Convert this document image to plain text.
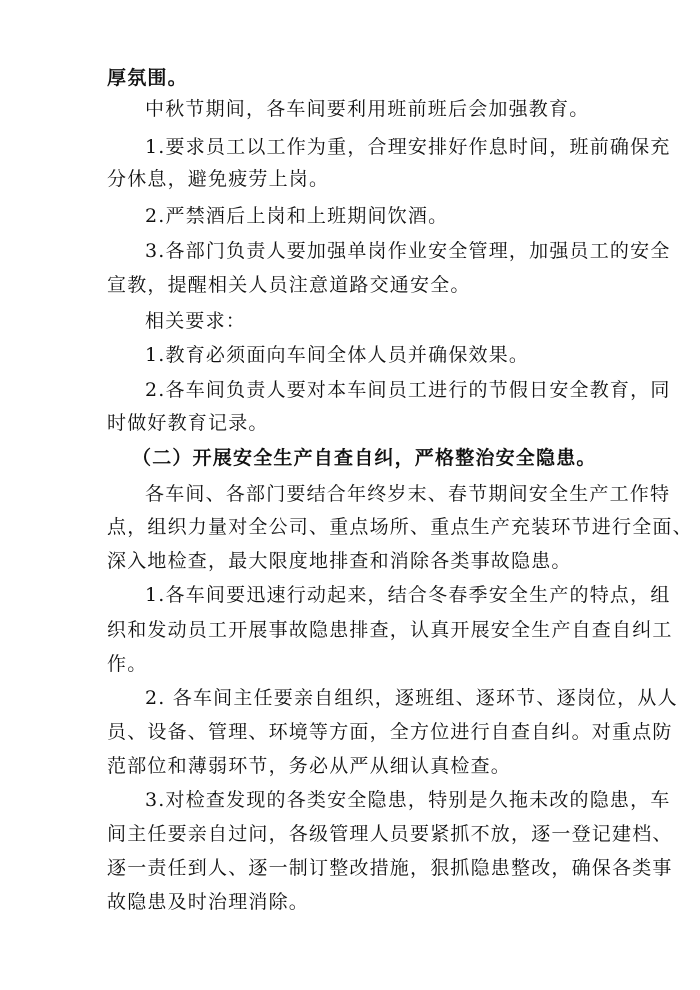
厚氛围。
中秋节期间，各车间要利用班前班后会加强教育。
1.要求员工以工作为重，合理安排好作息时间，班前确保充
分休息，避免疲劳上岗。
2.严禁酒后上岗和上班期间饮酒。
3.各部门负责人要加强单岗作业安全管理，加强员工的安全
宣教，提醒相关人员注意道路交通安全。
相关要求：
1.教育必须面向车间全体人员并确保效果。
2.各车间负责人要对本车间员工进行的节假日安全教育，同
时做好教育记录。
（二）开展安全生产自查自纠，严格整治安全隐患。
各车间、各部门要结合年终岁末、春节期间安全生产工作特
点，组织力量对全公司、重点场所、重点生产充装环节进行全面、
深入地检查，最大限度地排查和消除各类事故隐患。
1.各车间要迅速行动起来，结合冬春季安全生产的特点，组
织和发动员工开展事故隐患排查，认真开展安全生产自查自纠工
作。
2. 各车间主任要亲自组织，逐班组、逐环节、逐岗位，从人
员、设备、管理、环境等方面，全方位进行自查自纠。对重点防
范部位和薄弱环节，务必从严从细认真检查。
3.对检查发现的各类安全隐患，特别是久拖未改的隐患，车
间主任要亲自过问，各级管理人员要紧抓不放，逐一登记建档、
逐一责任到人、逐一制订整改措施，狠抓隐患整改，确保各类事
故隐患及时治理消除。
